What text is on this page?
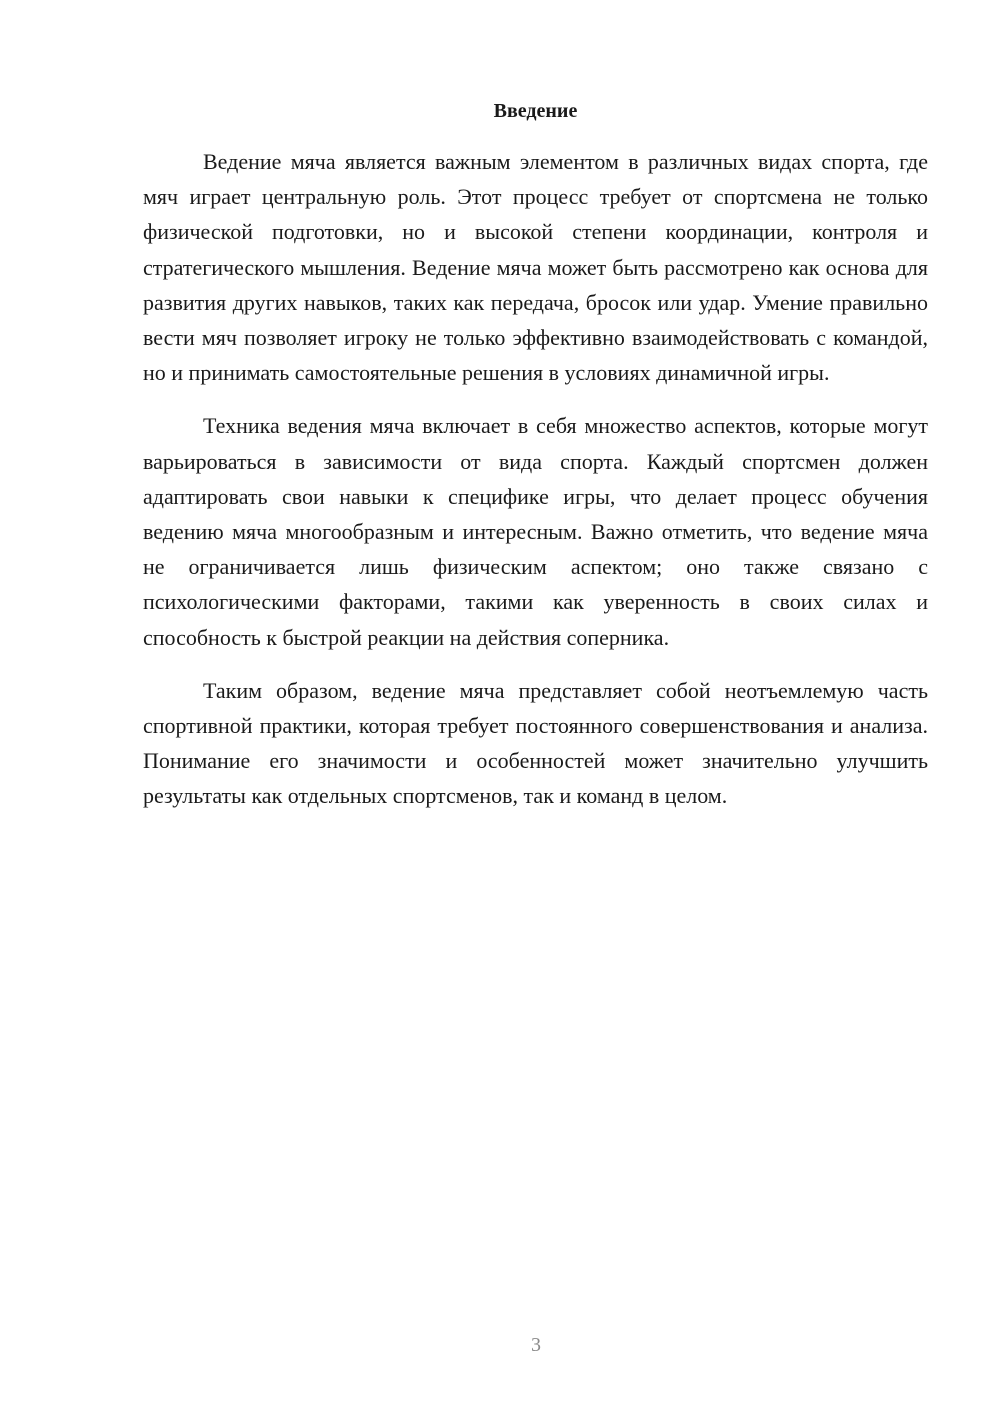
Введение

Ведение мяча является важным элементом в различных видах спорта, где мяч играет центральную роль. Этот процесс требует от спортсмена не только физической подготовки, но и высокой степени координации, контроля и стратегического мышления. Ведение мяча может быть рассмотрено как основа для развития других навыков, таких как передача, бросок или удар. Умение правильно вести мяч позволяет игроку не только эффективно взаимодействовать с командой, но и принимать самостоятельные решения в условиях динамичной игры.

Техника ведения мяча включает в себя множество аспектов, которые могут варьироваться в зависимости от вида спорта. Каждый спортсмен должен адаптировать свои навыки к специфике игры, что делает процесс обучения ведению мяча многообразным и интересным. Важно отметить, что ведение мяча не ограничивается лишь физическим аспектом; оно также связано с психологическими факторами, такими как уверенность в своих силах и способность к быстрой реакции на действия соперника.

Таким образом, ведение мяча представляет собой неотъемлемую часть спортивной практики, которая требует постоянного совершенствования и анализа. Понимание его значимости и особенностей может значительно улучшить результаты как отдельных спортсменов, так и команд в целом.

3
